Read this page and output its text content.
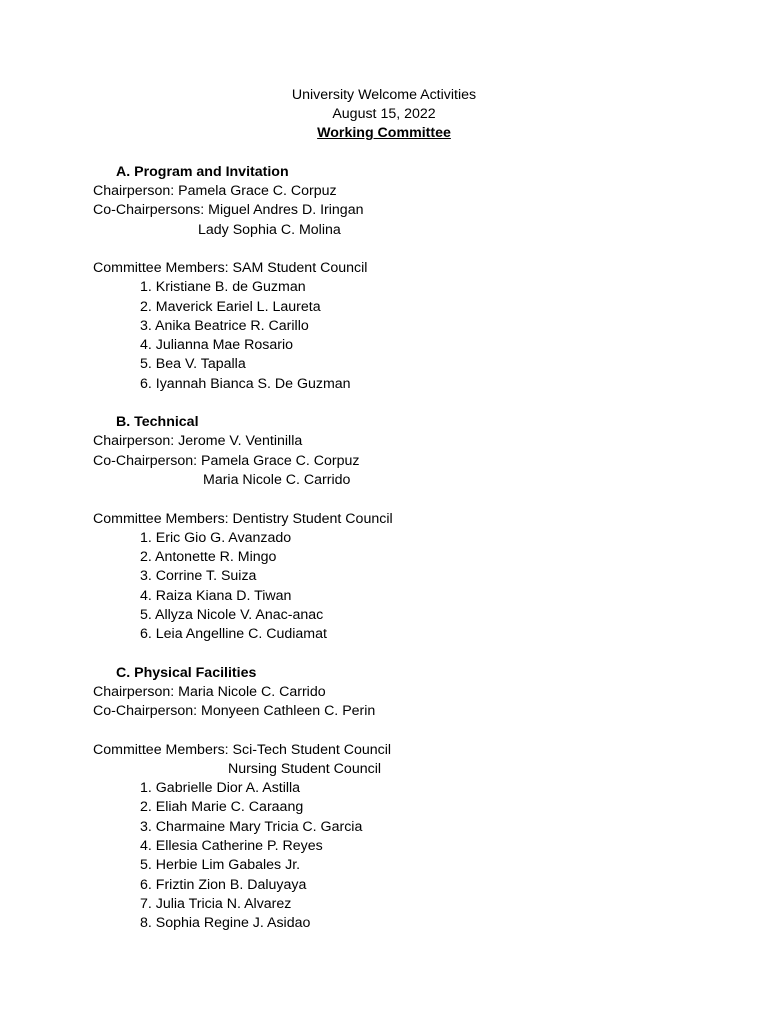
University Welcome Activities
August 15, 2022
Working Committee
A. Program and Invitation
Chairperson: Pamela Grace C. Corpuz
Co-Chairpersons: Miguel Andres D. Iringan
Lady Sophia C. Molina
Committee Members: SAM Student Council
1. Kristiane B. de Guzman
2. Maverick Eariel L. Laureta
3. Anika Beatrice R. Carillo
4. Julianna Mae Rosario
5. Bea V. Tapalla
6. Iyannah Bianca S. De Guzman
B. Technical
Chairperson: Jerome V. Ventinilla
Co-Chairperson: Pamela Grace C. Corpuz
Maria Nicole C. Carrido
Committee Members: Dentistry Student Council
1. Eric Gio G. Avanzado
2. Antonette R. Mingo
3. Corrine T. Suiza
4. Raiza Kiana D. Tiwan
5. Allyza Nicole V. Anac-anac
6. Leia Angelline C. Cudiamat
C. Physical Facilities
Chairperson: Maria Nicole C. Carrido
Co-Chairperson: Monyeen Cathleen C. Perin
Committee Members: Sci-Tech Student Council
Nursing Student Council
1. Gabrielle Dior A. Astilla
2. Eliah Marie C. Caraang
3. Charmaine Mary Tricia C. Garcia
4. Ellesia Catherine P. Reyes
5. Herbie Lim Gabales Jr.
6. Friztin Zion B. Daluyaya
7. Julia Tricia N. Alvarez
8. Sophia Regine J. Asidao
